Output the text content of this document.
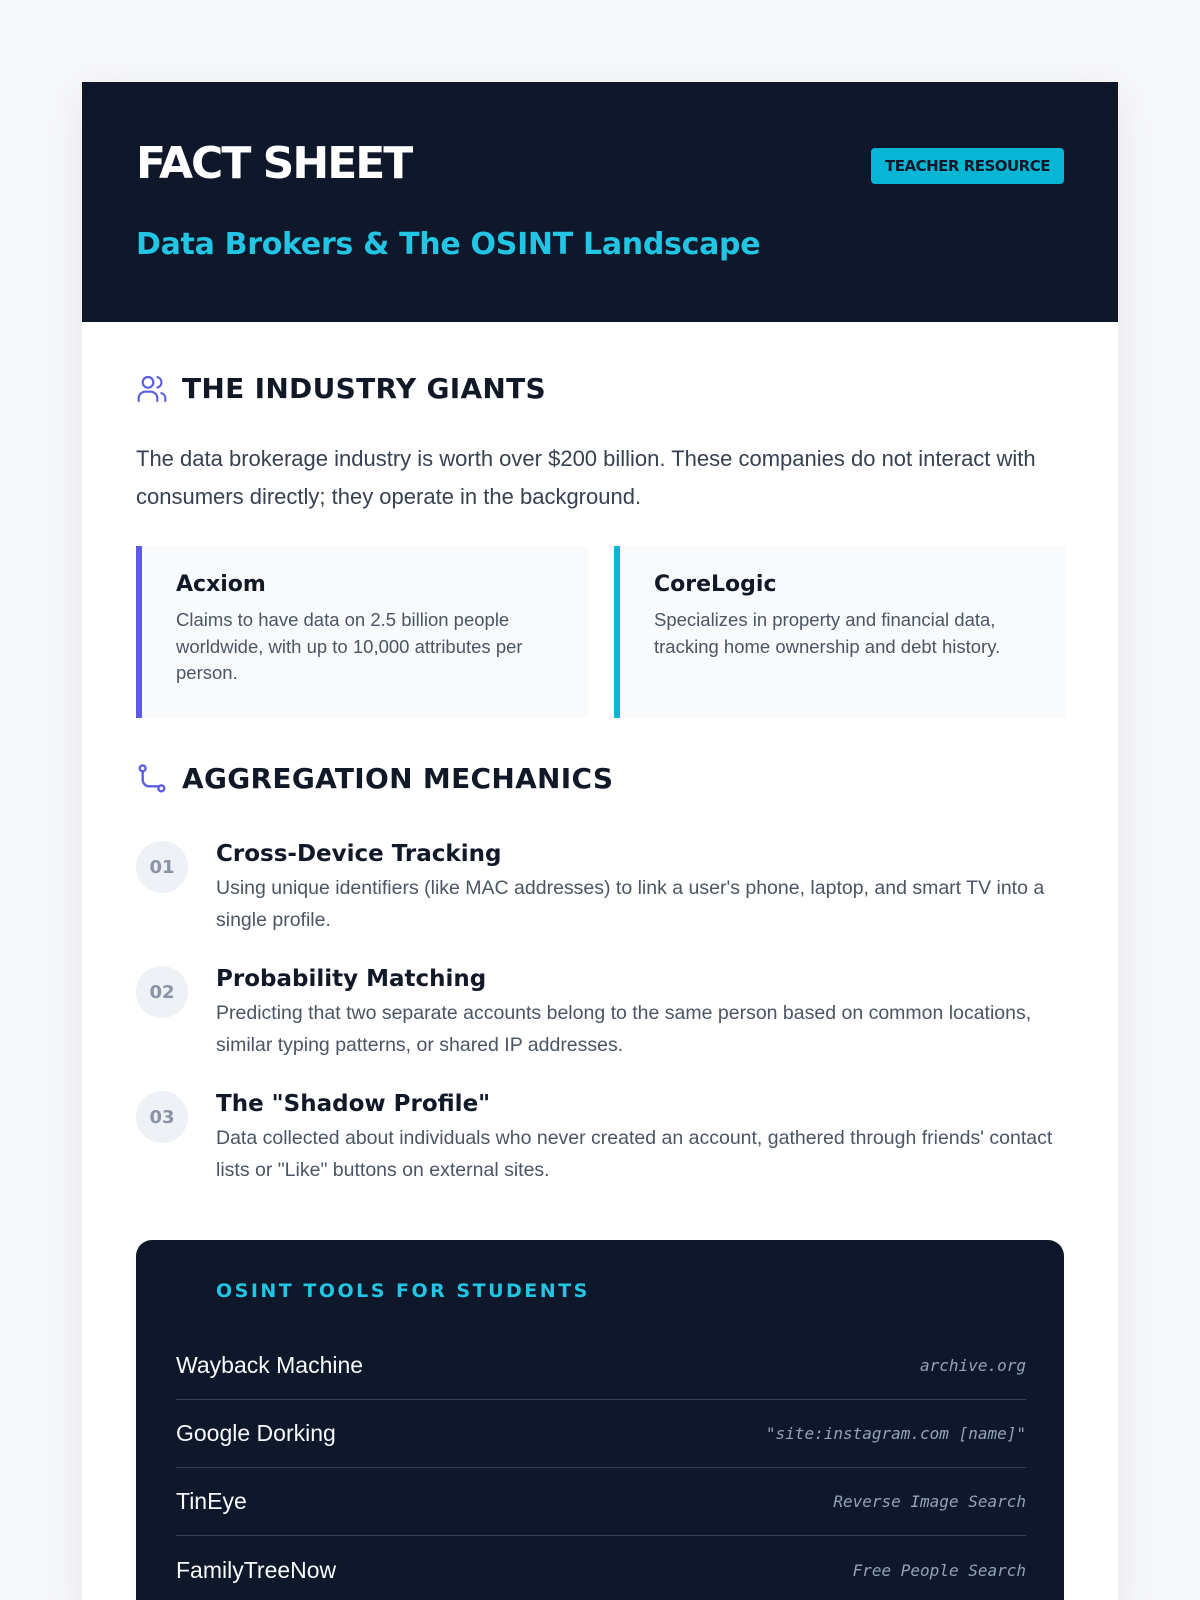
FACT SHEET	TEACHER RESOURCE
Data Brokers & The OSINT Landscape
THE INDUSTRY GIANTS
The data brokerage industry is worth over $200 billion. These companies do not interact with consumers directly; they operate in the background.
Acxiom

Claims to have data on 2.5 billion people worldwide, with up to 10,000 attributes per person.

CoreLogic

Specializes in property and financial data, tracking home ownership and debt history.

AGGREGATION MECHANICS
01	Cross-Device Tracking

Using unique identifiers (like MAC addresses) to link a user's phone, laptop, and smart TV into a single profile.

02	Probability Matching

Predicting that two separate accounts belong to the same person based on common locations, similar typing patterns, or shared IP addresses.

03	The "Shadow Profile"

Data collected about individuals who never created an account, gathered through friends' contact lists or "Like" buttons on external sites.

OSINT TOOLS FOR STUDENTS
Wayback Machine	archive.org
Google Dorking	"site:instagram.com [name]"
TinEye	Reverse Image Search
FamilyTreeNow	Free People Search
